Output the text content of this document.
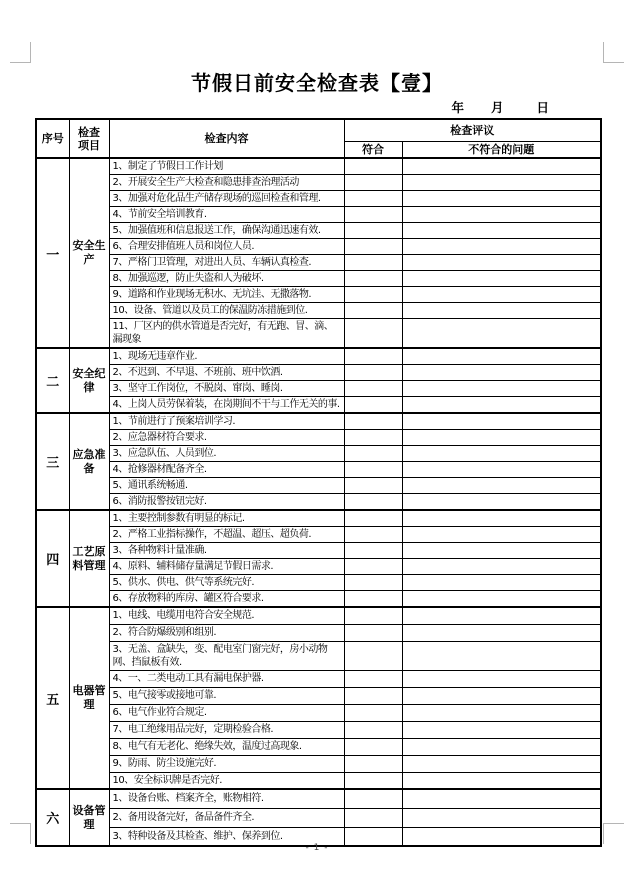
节假日前安全检查表【壹】
年 月	日
序号	检查项目	检查内容	检查评议	
			符合	不符合的问题
一	安全生产	1、制定了节假日工作计划		
		2、开展安全生产大检查和隐患排查治理活动		
		3、加强对危化品生产储存现场的巡回检查和管理.		
		4、节前安全培训教育.		
		5、加强值班和信息报送工作，确保沟通迅速有效.		
		6、合理安排值班人员和岗位人员.		
		7、严格门卫管理，对进出人员、车辆认真检查.		
		8、加强巡逻，防止失盗和人为破坏.		
		9、道路和作业现场无积水、无坑洼、无撒落物.		
		10、设备、管道以及员工的保温防冻措施到位.		
		11、厂区内的供水管道是否完好，有无跑、冒、滴、漏现象		
二	安全纪律	1、现场无违章作业.		
		2、不迟到、不早退、不班前、班中饮酒.		
		3、坚守工作岗位，不脱岗、窜岗、睡岗.		
		4、上岗人员劳保着装，在岗期间不干与工作无关的事.		
三	应急准备	1、节前进行了预案培训学习.		
		2、应急器材符合要求.		
		3、应急队伍、人员到位.		
		4、抢修器材配备齐全.		
		5、通讯系统畅通.		
		6、消防报警按钮完好.		
四	工艺原料管理	1、主要控制参数有明显的标记.		
		2、严格工业指标操作，不超温、超压、超负荷.		
		3、各种物料计量准确.		
		4、原料、辅料储存量满足节假日需求.		
		5、供水、供电、供气等系统完好.		
		6、存放物料的库房、罐区符合要求.		
五	电器管理	1、电线、电缆用电符合安全规范.		
		2、符合防爆级别和组别.		
		3、无盖、盒缺失，变、配电室门窗完好，房小动物网、挡鼠板有效.		
		4、一、二类电动工具有漏电保护器.		
		5、电气接零或接地可靠.		
		6、电气作业符合规定.		
		7、电工绝缘用品完好，定期检验合格.		
		8、电气有无老化、绝缘失效，温度过高现象.		
		9、防雨、防尘设施完好.		
		10、安全标识牌是否完好.		
六	设备管理	1、设备台账、档案齐全，账物相符.		
		2、备用设备完好，备品备件齐全.		
		3、特种设备及其检查、维护、保养到位.		
- 1 -
